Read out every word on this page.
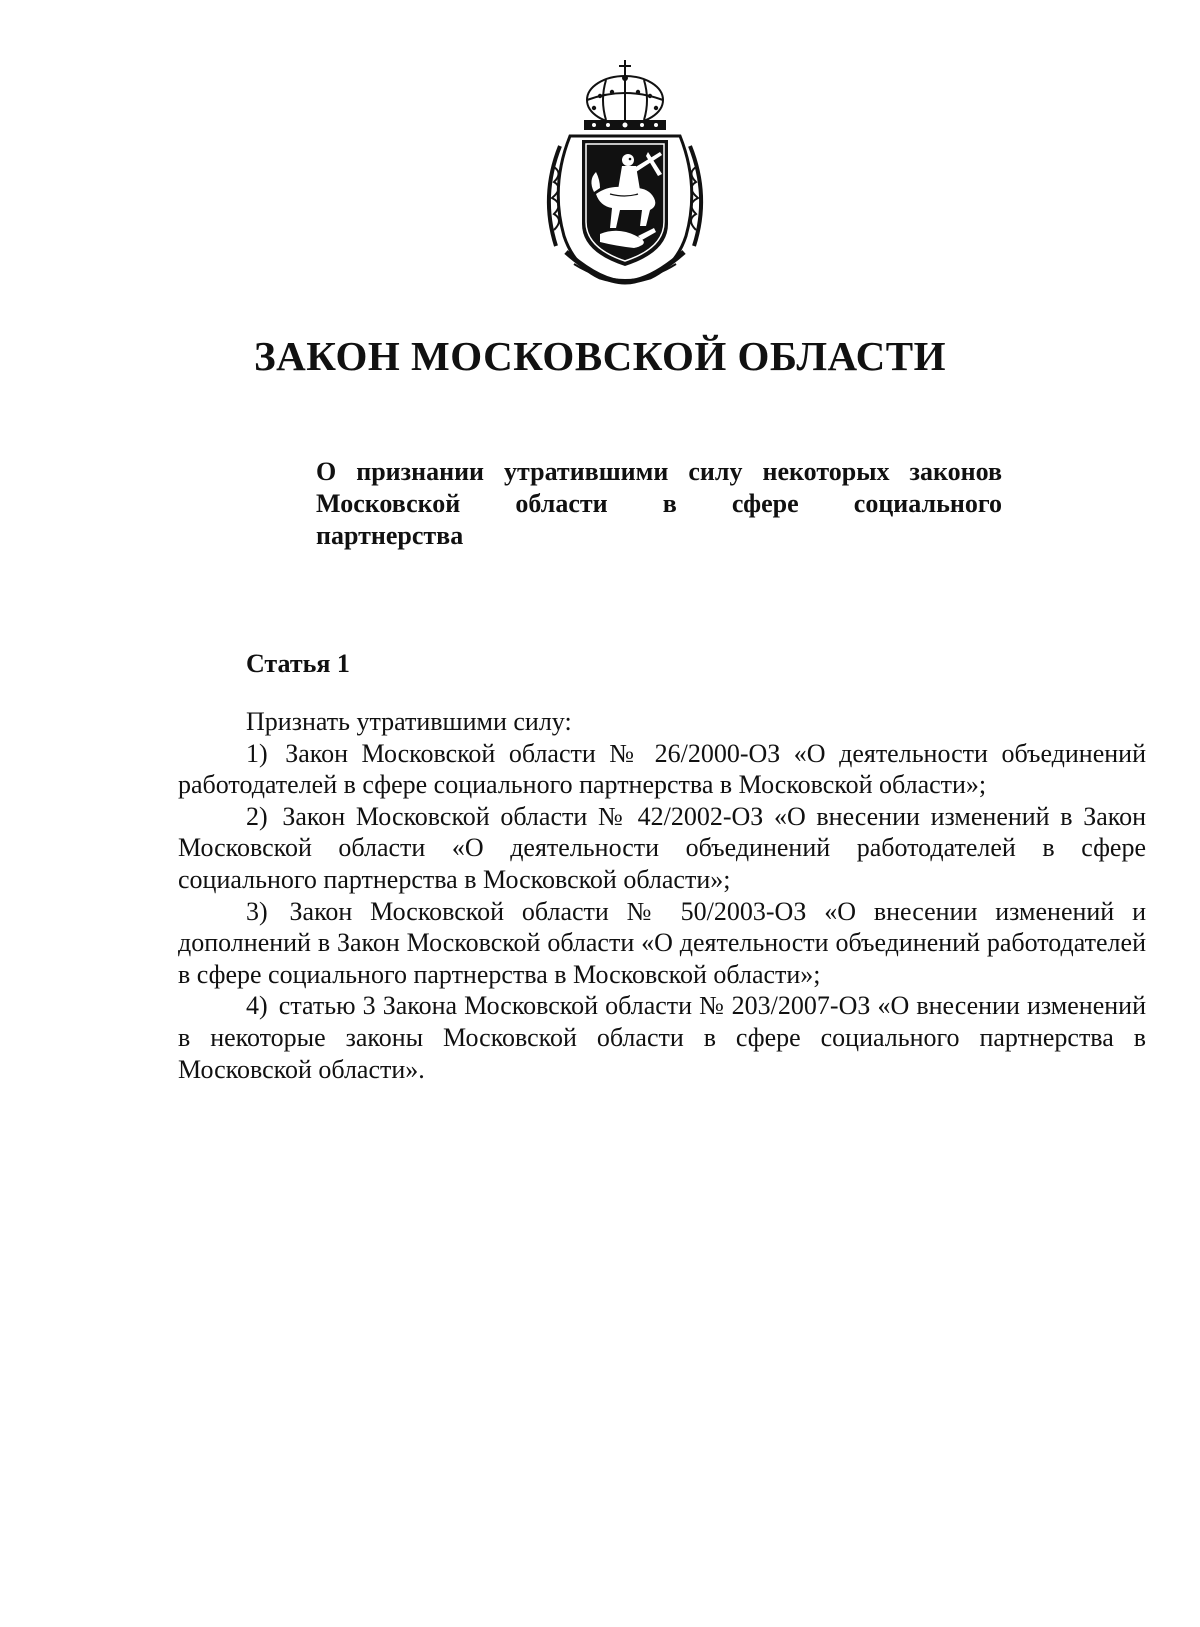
ЗАКОН МОСКОВСКОЙ ОБЛАСТИ
О признании утратившими силу некоторых законов
Московской области в сфере социального
партнерства
Статья 1
Признать утратившими силу:

1) Закон Московской области № 26/2000-ОЗ «О деятельности объединений работодателей в сфере социального партнерства в Московской области»;

2) Закон Московской области № 42/2002-ОЗ «О внесении изменений в Закон Московской области «О деятельности объединений работодателей в сфере социального партнерства в Московской области»;

3) Закон Московской области № 50/2003-ОЗ «О внесении изменений и дополнений в Закон Московской области «О деятельности объединений работодателей в сфере социального партнерства в Московской области»;

4) статью 3 Закона Московской области № 203/2007-ОЗ «О внесении изменений в некоторые законы Московской области в сфере социального партнерства в Московской области».
